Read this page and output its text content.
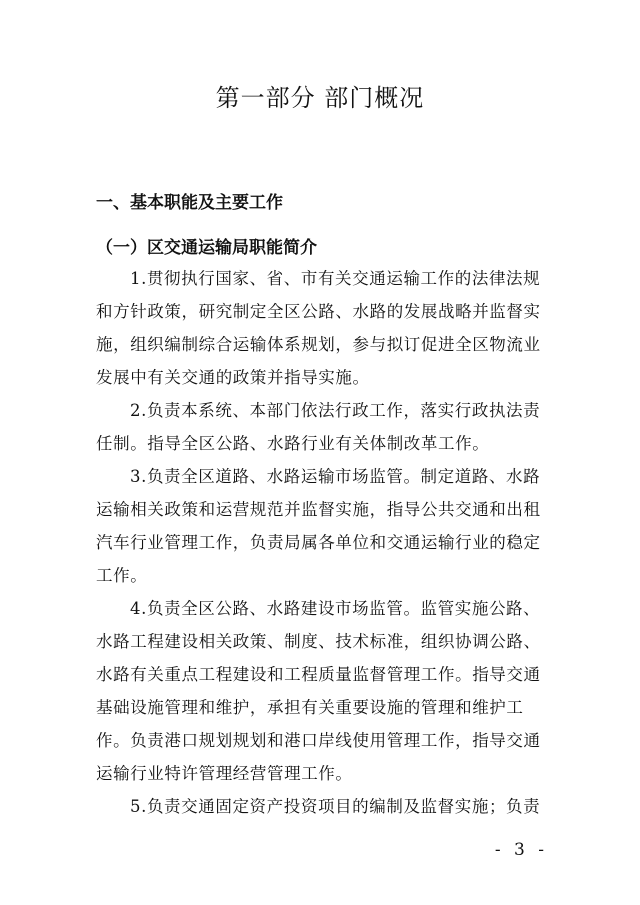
第一部分 部门概况
一、基本职能及主要工作
（一）区交通运输局职能简介
1.贯彻执行国家、省、市有关交通运输工作的法律法规
和方针政策，研究制定全区公路、水路的发展战略并监督实
施，组织编制综合运输体系规划，参与拟订促进全区物流业
发展中有关交通的政策并指导实施。
2.负责本系统、本部门依法行政工作，落实行政执法责
任制。指导全区公路、水路行业有关体制改革工作。
3.负责全区道路、水路运输市场监管。制定道路、水路
运输相关政策和运营规范并监督实施，指导公共交通和出租
汽车行业管理工作，负责局属各单位和交通运输行业的稳定
工作。
4.负责全区公路、水路建设市场监管。监管实施公路、
水路工程建设相关政策、制度、技术标准，组织协调公路、
水路有关重点工程建设和工程质量监督管理工作。指导交通
基础设施管理和维护，承担有关重要设施的管理和维护工
作。负责港口规划规划和港口岸线使用管理工作，指导交通
运输行业特许管理经营管理工作。
5.负责交通固定资产投资项目的编制及监督实施；负责
- 3 -
